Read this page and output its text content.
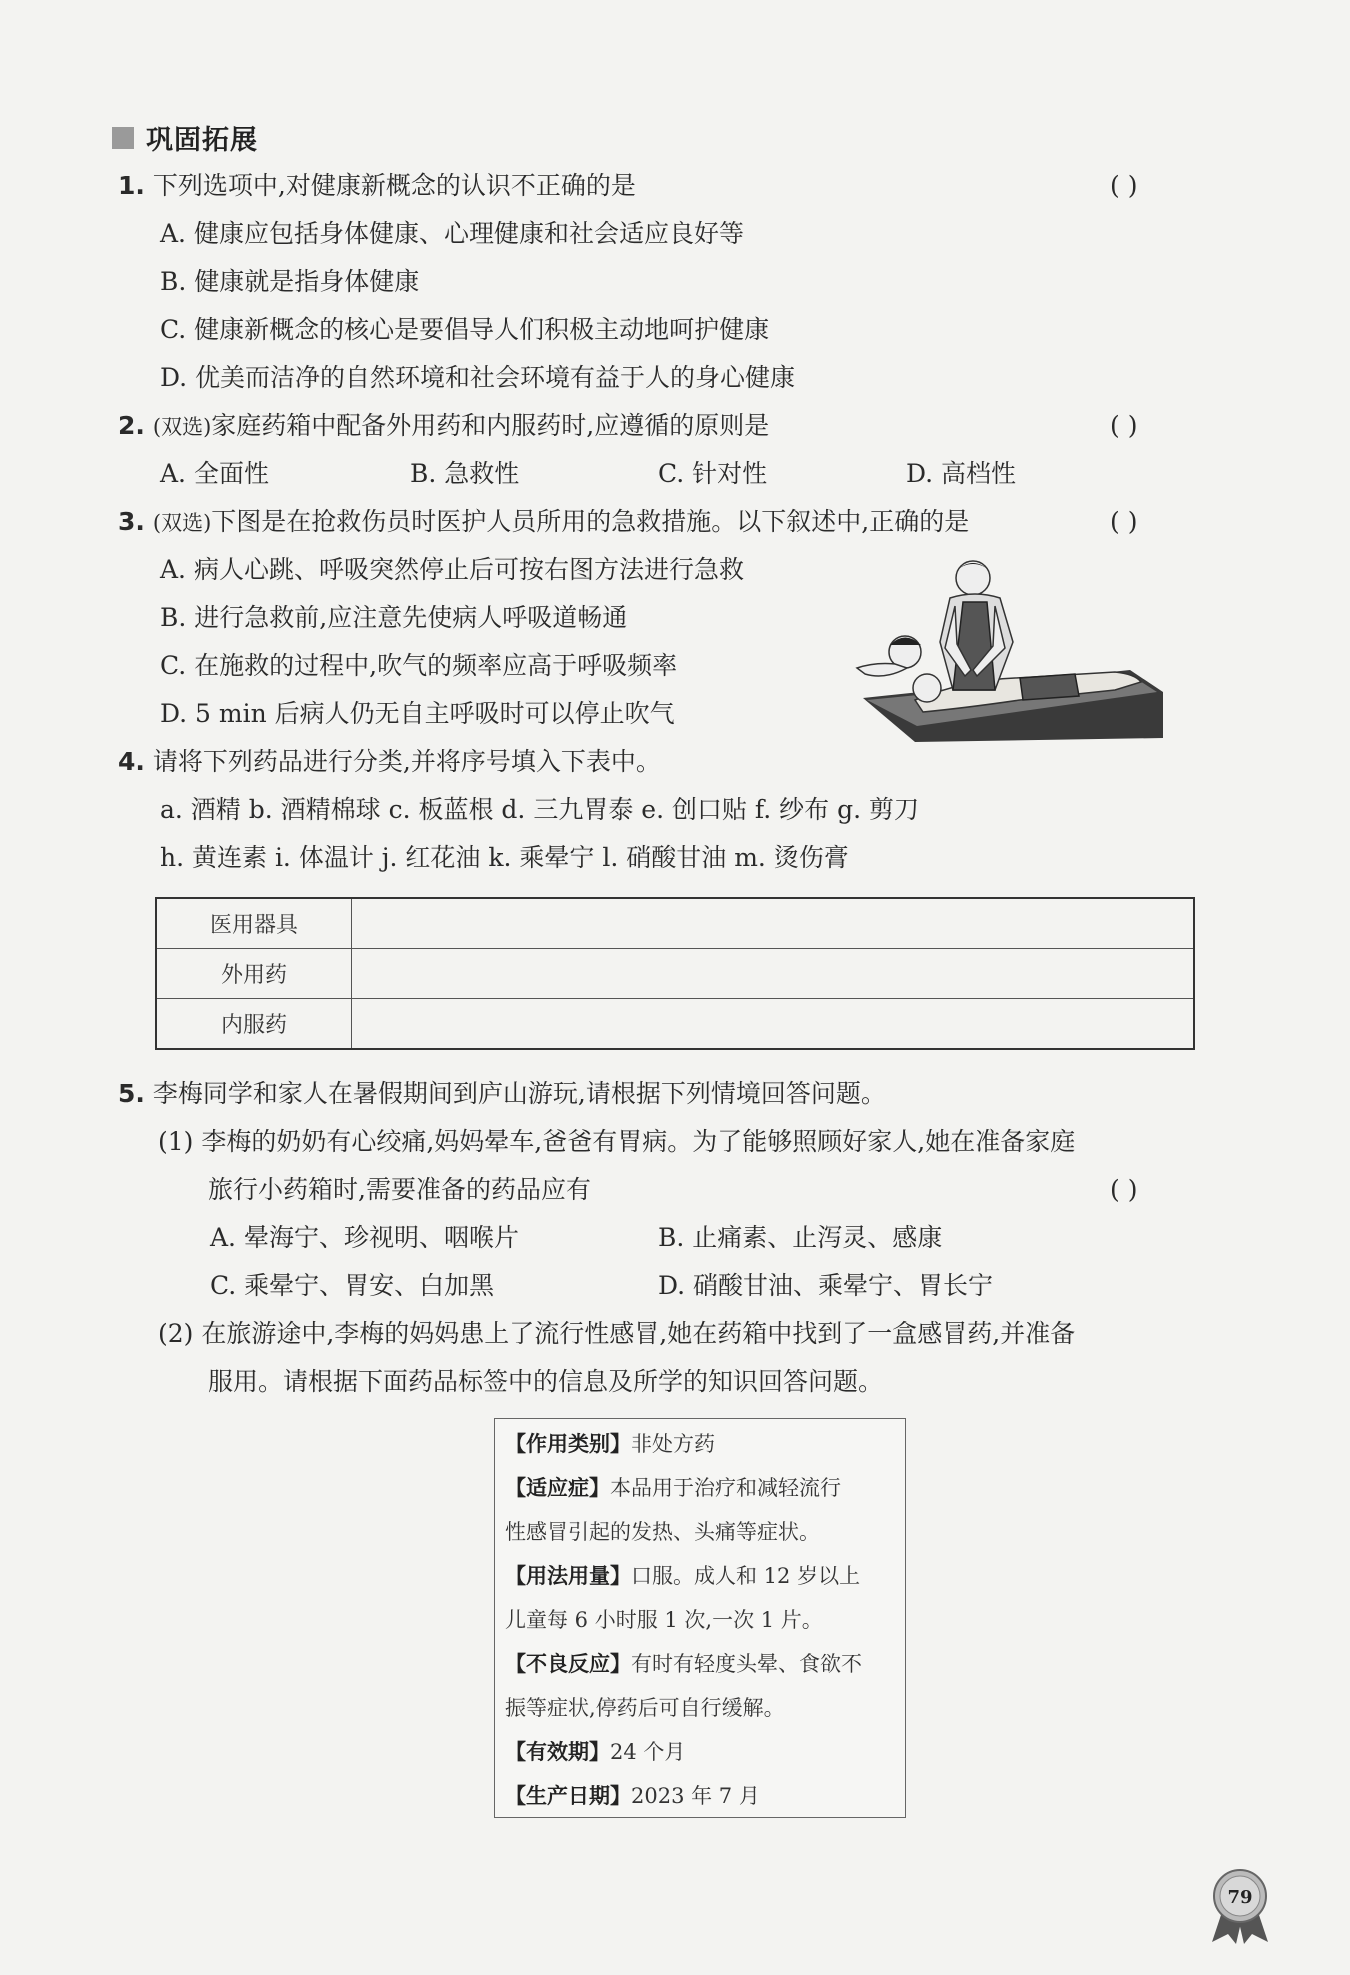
巩固拓展
1. 下列选项中,对健康新概念的认识不正确的是	( )
A. 健康应包括身体健康、心理健康和社会适应良好等
B. 健康就是指身体健康
C. 健康新概念的核心是要倡导人们积极主动地呵护健康
D. 优美而洁净的自然环境和社会环境有益于人的身心健康
2. (双选)家庭药箱中配备外用药和内服药时,应遵循的原则是	( )
A. 全面性	B. 急救性	C. 针对性	D. 高档性
3. (双选)下图是在抢救伤员时医护人员所用的急救措施。以下叙述中,正确的是	( )
A. 病人心跳、呼吸突然停止后可按右图方法进行急救
B. 进行急救前,应注意先使病人呼吸道畅通
C. 在施救的过程中,吹气的频率应高于呼吸频率
D. 5 min 后病人仍无自主呼吸时可以停止吹气
4. 请将下列药品进行分类,并将序号填入下表中。
a. 酒精 b. 酒精棉球 c. 板蓝根 d. 三九胃泰 e. 创口贴 f. 纱布 g. 剪刀
h. 黄连素 i. 体温计 j. 红花油 k. 乘晕宁 l. 硝酸甘油 m. 烫伤膏
医用器具	
外用药	
内服药	
5. 李梅同学和家人在暑假期间到庐山游玩,请根据下列情境回答问题。
(1) 李梅的奶奶有心绞痛,妈妈晕车,爸爸有胃病。为了能够照顾好家人,她在准备家庭
旅行小药箱时,需要准备的药品应有	( )
A. 晕海宁、珍视明、咽喉片	B. 止痛素、止泻灵、感康
C. 乘晕宁、胃安、白加黑	D. 硝酸甘油、乘晕宁、胃长宁
(2) 在旅游途中,李梅的妈妈患上了流行性感冒,她在药箱中找到了一盒感冒药,并准备
服用。请根据下面药品标签中的信息及所学的知识回答问题。
【作用类别】非处方药
【适应症】本品用于治疗和减轻流行
性感冒引起的发热、头痛等症状。
【用法用量】口服。成人和 12 岁以上
儿童每 6 小时服 1 次,一次 1 片。
【不良反应】有时有轻度头晕、食欲不
振等症状,停药后可自行缓解。
【有效期】24 个月
【生产日期】2023 年 7 月
79
